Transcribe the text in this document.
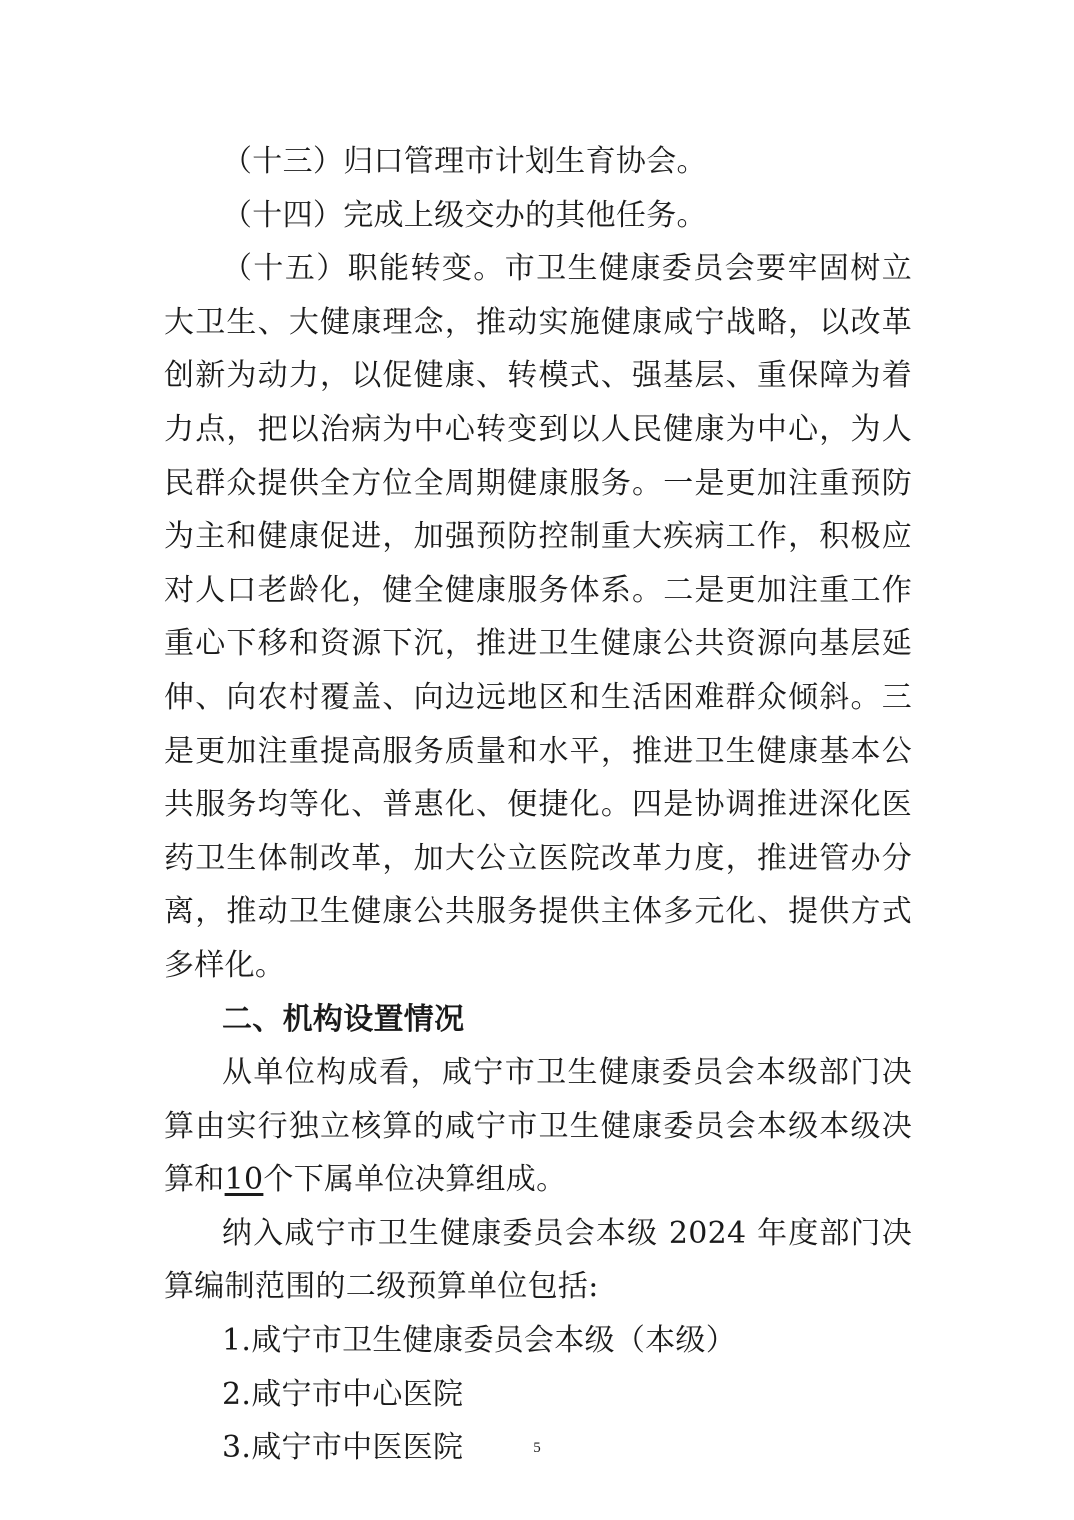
（十三）归口管理市计划生育协会。

（十四）完成上级交办的其他任务。

（十五）职能转变。市卫生健康委员会要牢固树立大卫生、大健康理念，推动实施健康咸宁战略，以改革创新为动力，以促健康、转模式、强基层、重保障为着力点，把以治病为中心转变到以人民健康为中心，为人民群众提供全方位全周期健康服务。一是更加注重预防为主和健康促进，加强预防控制重大疾病工作，积极应对人口老龄化，健全健康服务体系。二是更加注重工作重心下移和资源下沉，推进卫生健康公共资源向基层延伸、向农村覆盖、向边远地区和生活困难群众倾斜。三是更加注重提高服务质量和水平，推进卫生健康基本公共服务均等化、普惠化、便捷化。四是协调推进深化医药卫生体制改革，加大公立医院改革力度，推进管办分离，推动卫生健康公共服务提供主体多元化、提供方式多样化。

二、机构设置情况

从单位构成看，咸宁市卫生健康委员会本级部门决算由实行独立核算的咸宁市卫生健康委员会本级本级决算和10个下属单位决算组成。

纳入咸宁市卫生健康委员会本级 2024 年度部门决算编制范围的二级预算单位包括:

1.咸宁市卫生健康委员会本级（本级）

2.咸宁市中心医院

3.咸宁市中医医院	5
